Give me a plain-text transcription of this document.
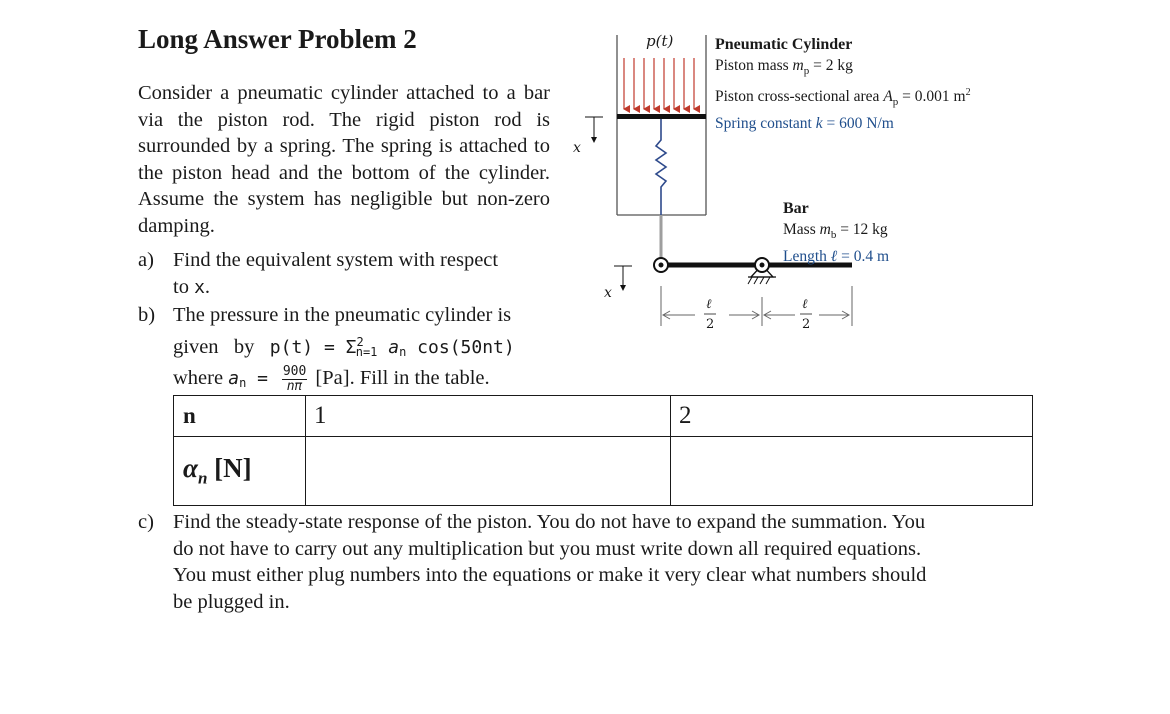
Long Answer Problem 2
Consider a pneumatic cylinder attached to a bar via the piston rod. The rigid piston rod is surrounded by a spring. The spring is attached to the piston head and the bottom of the cylinder. Assume the system has negligible but non-zero damping.
a) Find the equivalent system with respect
to x.
b) The pressure in the pneumatic cylinder is
given by $p(t) = \Sigma^2_{n=1}$ $a_n$ cos(50nt)
where $a_n = \frac{900}{n\pi} [Pa]$. Fill in the table.
n	1	2
$\alpha_n$ [N]		
c) Find the steady-state response of the piston. You do not have to expand the summation. You
do not have to carry out any multiplication but you must write down all required equations.
You must either plug numbers into the equations or make it very clear what numbers should
be plugged in.
p(t)
x
x
ℓ
2
ℓ
2
Pneumatic Cylinder
Piston mass $m_p = 2$ kg
Piston cross-sectional area $A_p = 0.001$ $m^2$
Spring constant k = 600 N/m
Bar
Mass $m_b = 12$ kg
Length ℓ = 0.4 m
